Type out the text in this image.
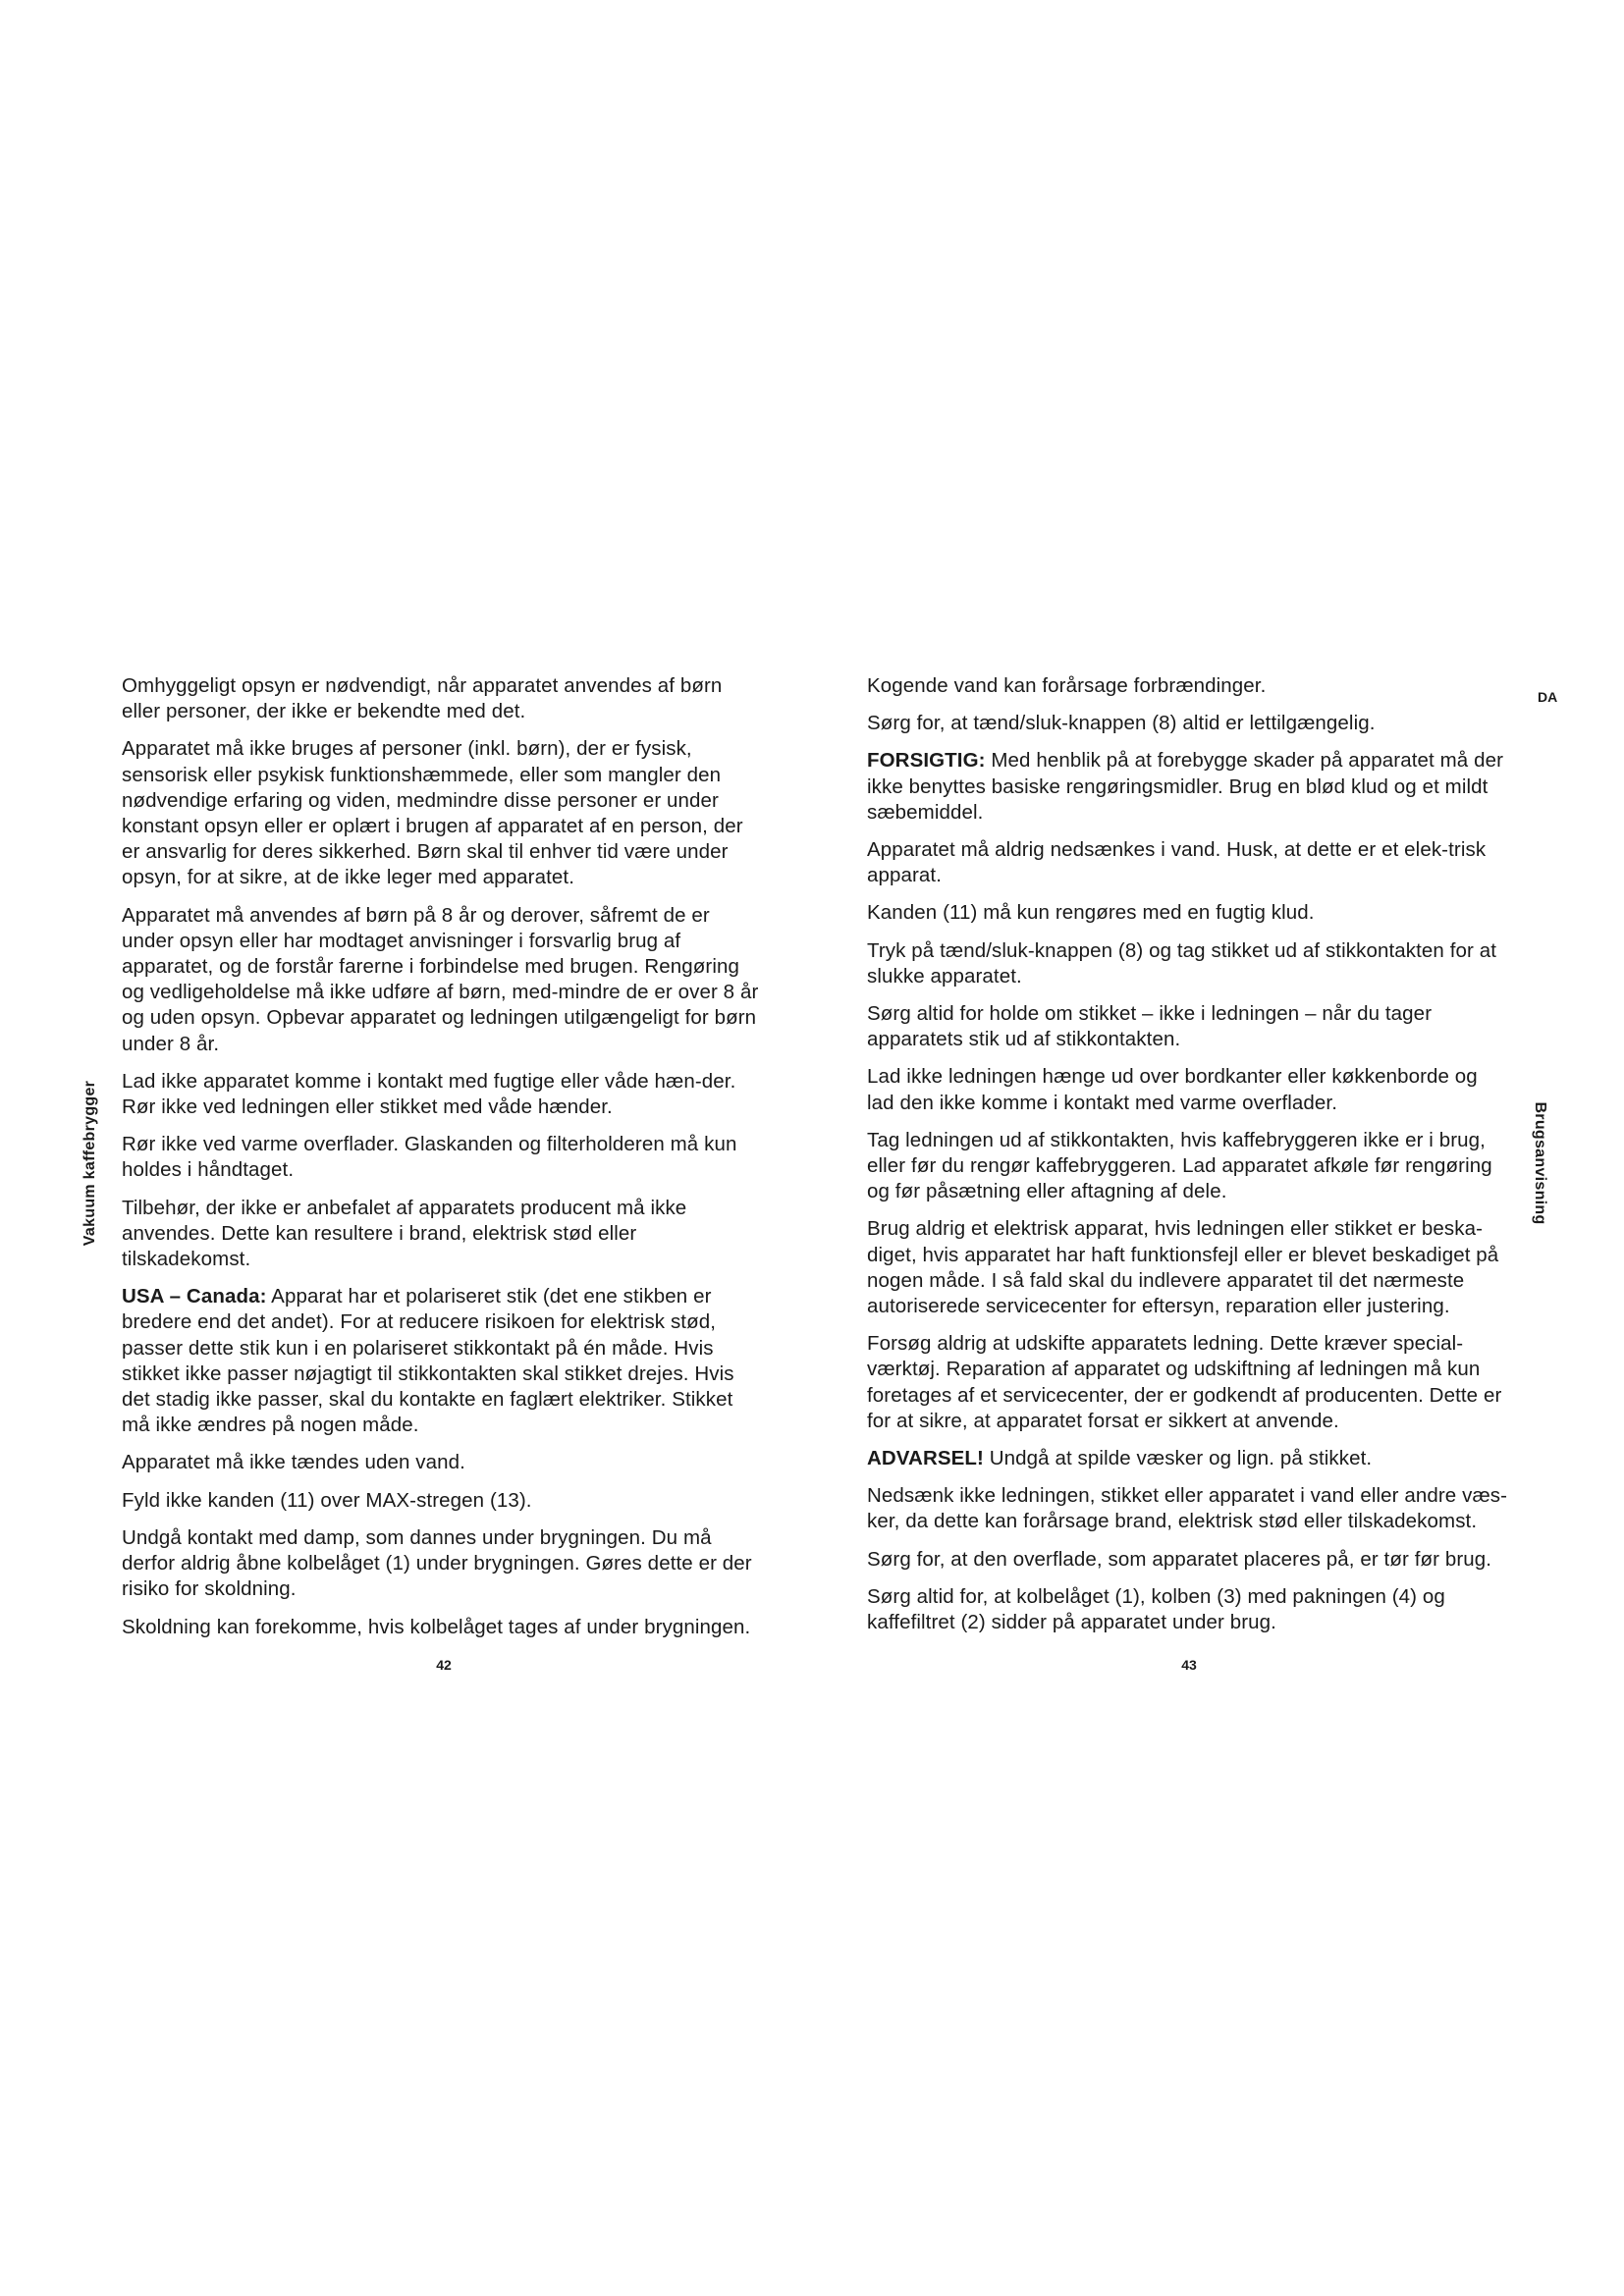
Vakuum kaffebrygger	Brugsanvisning
DA

Omhyggeligt opsyn er nødvendigt, når apparatet anvendes af børn eller personer, der ikke er bekendte med det.

Apparatet må ikke bruges af personer (inkl. børn), der er fysisk, sensorisk eller psykisk funktionshæmmede, eller som mangler den nødvendige erfaring og viden, medmindre disse personer er under konstant opsyn eller er oplært i brugen af apparatet af en person, der er ansvarlig for deres sikkerhed. Børn skal til enhver tid være under opsyn, for at sikre, at de ikke leger med apparatet.

Apparatet må anvendes af børn på 8 år og derover, såfremt de er under opsyn eller har modtaget anvisninger i forsvarlig brug af apparatet, og de forstår farerne i forbindelse med brugen. Rengøring og vedligeholdelse må ikke udføre af børn, med-mindre de er over 8 år og uden opsyn. Opbevar apparatet og ledningen utilgængeligt for børn under 8 år.

Lad ikke apparatet komme i kontakt med fugtige eller våde hæn-der. Rør ikke ved ledningen eller stikket med våde hænder.

Rør ikke ved varme overflader. Glaskanden og filterholderen må kun holdes i håndtaget.

Tilbehør, der ikke er anbefalet af apparatets producent må ikke anvendes. Dette kan resultere i brand, elektrisk stød eller tilskadekomst.

USA – Canada: Apparat har et polariseret stik (det ene stikben er bredere end det andet). For at reducere risikoen for elektrisk stød, passer dette stik kun i en polariseret stikkontakt på én måde. Hvis stikket ikke passer nøjagtigt til stikkontakten skal stikket drejes. Hvis det stadig ikke passer, skal du kontakte en faglært elektriker. Stikket må ikke ændres på nogen måde.

Apparatet må ikke tændes uden vand.

Fyld ikke kanden (11) over MAX-stregen (13).

Undgå kontakt med damp, som dannes under brygningen. Du må derfor aldrig åbne kolbelåget (1) under brygningen. Gøres dette er der risiko for skoldning.

Skoldning kan forekomme, hvis kolbelåget tages af under brygningen.

Kogende vand kan forårsage forbrændinger.

Sørg for, at tænd/sluk-knappen (8) altid er lettilgængelig.

FORSIGTIG: Med henblik på at forebygge skader på apparatet må der ikke benyttes basiske rengøringsmidler. Brug en blød klud og et mildt sæbemiddel.

Apparatet må aldrig nedsænkes i vand. Husk, at dette er et elek-trisk apparat.

Kanden (11) må kun rengøres med en fugtig klud.

Tryk på tænd/sluk-knappen (8) og tag stikket ud af stikkontakten for at slukke apparatet.

Sørg altid for holde om stikket – ikke i ledningen – når du tager apparatets stik ud af stikkontakten.

Lad ikke ledningen hænge ud over bordkanter eller køkkenborde og lad den ikke komme i kontakt med varme overflader.

Tag ledningen ud af stikkontakten, hvis kaffebryggeren ikke er i brug, eller før du rengør kaffebryggeren. Lad apparatet afkøle før rengøring og før påsætning eller aftagning af dele.

Brug aldrig et elektrisk apparat, hvis ledningen eller stikket er beska-diget, hvis apparatet har haft funktionsfejl eller er blevet beskadiget på nogen måde. I så fald skal du indlevere apparatet til det nærmeste autoriserede servicecenter for eftersyn, reparation eller justering.

Forsøg aldrig at udskifte apparatets ledning. Dette kræver special-værktøj. Reparation af apparatet og udskiftning af ledningen må kun foretages af et servicecenter, der er godkendt af producenten. Dette er for at sikre, at apparatet forsat er sikkert at anvende.

ADVARSEL! Undgå at spilde væsker og lign. på stikket.

Nedsænk ikke ledningen, stikket eller apparatet i vand eller andre væs-ker, da dette kan forårsage brand, elektrisk stød eller tilskadekomst.

Sørg for, at den overflade, som apparatet placeres på, er tør før brug.

Sørg altid for, at kolbelåget (1), kolben (3) med pakningen (4) og kaffefiltret (2) sidder på apparatet under brug.

42	43
